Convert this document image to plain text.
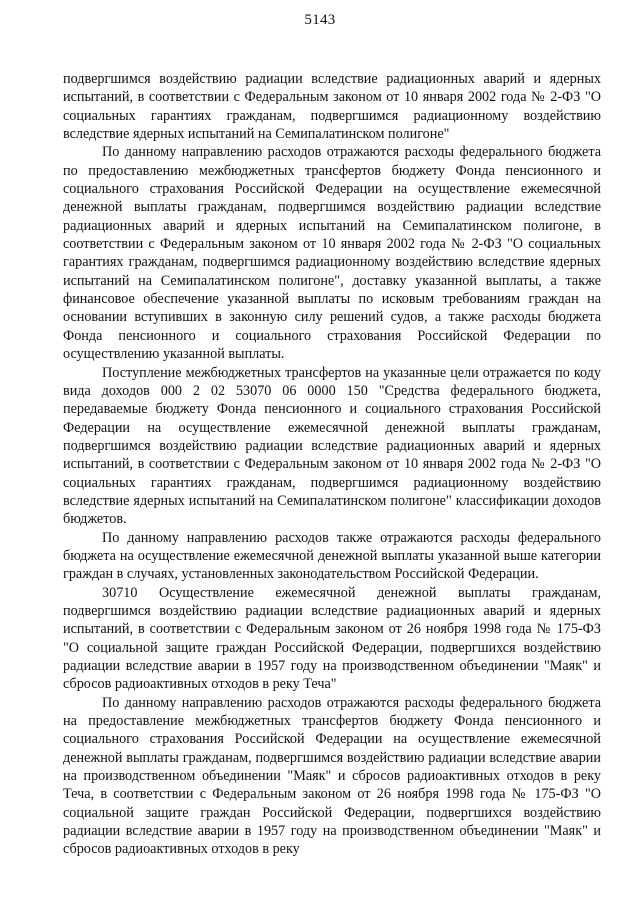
5143

подвергшимся воздействию радиации вследствие радиационных аварий и ядерных испытаний, в соответствии с Федеральным законом от 10 января 2002 года № 2-ФЗ "О социальных гарантиях гражданам, подвергшимся радиационному воздействию вследствие ядерных испытаний на Семипалатинском полигоне"

По данному направлению расходов отражаются расходы федерального бюджета по предоставлению межбюджетных трансфертов бюджету Фонда пенсионного и социального страхования Российской Федерации на осуществление ежемесячной денежной выплаты гражданам, подвергшимся воздействию радиации вследствие радиационных аварий и ядерных испытаний на Семипалатинском полигоне, в соответствии с Федеральным законом от 10 января 2002 года № 2-ФЗ "О социальных гарантиях гражданам, подвергшимся радиационному воздействию вследствие ядерных испытаний на Семипалатинском полигоне", доставку указанной выплаты, а также финансовое обеспечение указанной выплаты по исковым требованиям граждан на основании вступивших в законную силу решений судов, а также расходы бюджета Фонда пенсионного и социального страхования Российской Федерации по осуществлению указанной выплаты.

Поступление межбюджетных трансфертов на указанные цели отражается по коду вида доходов 000 2 02 53070 06 0000 150 "Средства федерального бюджета, передаваемые бюджету Фонда пенсионного и социального страхования Российской Федерации на осуществление ежемесячной денежной выплаты гражданам, подвергшимся воздействию радиации вследствие радиационных аварий и ядерных испытаний, в соответствии с Федеральным законом от 10 января 2002 года № 2-ФЗ "О социальных гарантиях гражданам, подвергшимся радиационному воздействию вследствие ядерных испытаний на Семипалатинском полигоне" классификации доходов бюджетов.

По данному направлению расходов также отражаются расходы федерального бюджета на осуществление ежемесячной денежной выплаты указанной выше категории граждан в случаях, установленных законодательством Российской Федерации.

30710 Осуществление ежемесячной денежной выплаты гражданам, подвергшимся воздействию радиации вследствие радиационных аварий и ядерных испытаний, в соответствии с Федеральным законом от 26 ноября 1998 года № 175-ФЗ "О социальной защите граждан Российской Федерации, подвергшихся воздействию радиации вследствие аварии в 1957 году на производственном объединении "Маяк" и сбросов радиоактивных отходов в реку Теча"

По данному направлению расходов отражаются расходы федерального бюджета на предоставление межбюджетных трансфертов бюджету Фонда пенсионного и социального страхования Российской Федерации на осуществление ежемесячной денежной выплаты гражданам, подвергшимся воздействию радиации вследствие аварии на производственном объединении "Маяк" и сбросов радиоактивных отходов в реку Теча, в соответствии с Федеральным законом от 26 ноября 1998 года № 175-ФЗ "О социальной защите граждан Российской Федерации, подвергшихся воздействию радиации вследствие аварии в 1957 году на производственном объединении "Маяк" и сбросов радиоактивных отходов в реку
